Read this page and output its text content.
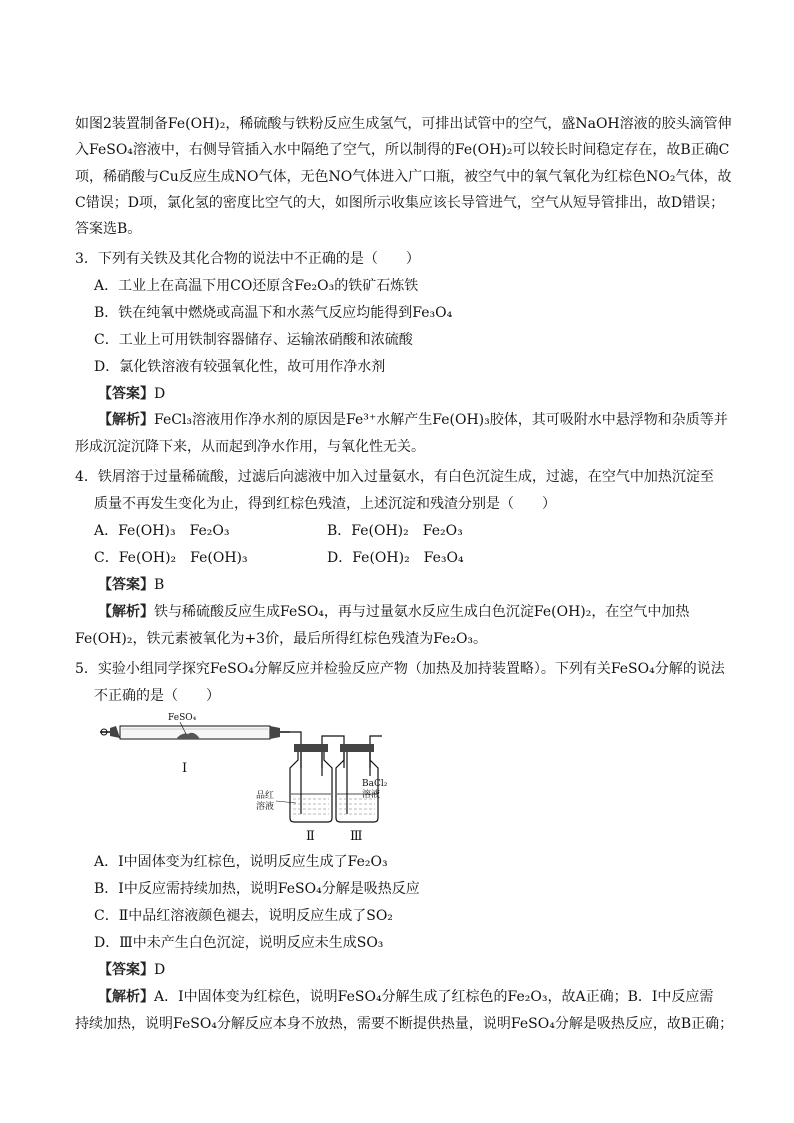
如图2装置制备Fe(OH)₂，稀硫酸与铁粉反应生成氢气，可排出试管中的空气，盛NaOH溶液的胶头滴管伸
入FeSO₄溶液中，右侧导管插入水中隔绝了空气，所以制得的Fe(OH)₂可以较长时间稳定存在，故B正确C
项，稀硝酸与Cu反应生成NO气体，无色NO气体进入广口瓶，被空气中的氧气氧化为红棕色NO₂气体，故
C错误；D项，氯化氢的密度比空气的大，如图所示收集应该长导管进气，空气从短导管排出，故D错误；
答案选B。
3．下列有关铁及其化合物的说法中不正确的是（　　）
A．工业上在高温下用CO还原含Fe₂O₃的铁矿石炼铁
B．铁在纯氧中燃烧或高温下和水蒸气反应均能得到Fe₃O₄
C．工业上可用铁制容器储存、运输浓硝酸和浓硫酸
D．氯化铁溶液有较强氧化性，故可用作净水剂
【答案】D
【解析】FeCl₃溶液用作净水剂的原因是Fe³⁺水解产生Fe(OH)₃胶体，其可吸附水中悬浮物和杂质等并
形成沉淀沉降下来，从而起到净水作用，与氧化性无关。
4．铁屑溶于过量稀硫酸，过滤后向滤液中加入过量氨水，有白色沉淀生成，过滤，在空气中加热沉淀至
质量不再发生变化为止，得到红棕色残渣，上述沉淀和残渣分别是（　　）
A．Fe(OH)₃　Fe₂O₃	B．Fe(OH)₂　Fe₂O₃
C．Fe(OH)₂　Fe(OH)₃	D．Fe(OH)₂　Fe₃O₄
【答案】B
【解析】铁与稀硫酸反应生成FeSO₄，再与过量氨水反应生成白色沉淀Fe(OH)₂，在空气中加热
Fe(OH)₂，铁元素被氧化为+3价，最后所得红棕色残渣为Fe₂O₃。
5．实验小组同学探究FeSO₄分解反应并检验反应产物（加热及加持装置略）。下列有关FeSO₄分解的说法
不正确的是（　　）
FeSO₄
Ⅰ
品红
溶液
Ⅱ
BaCl₂
溶液
Ⅲ
A．Ⅰ中固体变为红棕色，说明反应生成了Fe₂O₃
B．Ⅰ中反应需持续加热，说明FeSO₄分解是吸热反应
C．Ⅱ中品红溶液颜色褪去，说明反应生成了SO₂
D．Ⅲ中未产生白色沉淀，说明反应未生成SO₃
【答案】D
【解析】A．Ⅰ中固体变为红棕色，说明FeSO₄分解生成了红棕色的Fe₂O₃，故A正确；B．Ⅰ中反应需
持续加热，说明FeSO₄分解反应本身不放热，需要不断提供热量，说明FeSO₄分解是吸热反应，故B正确；
